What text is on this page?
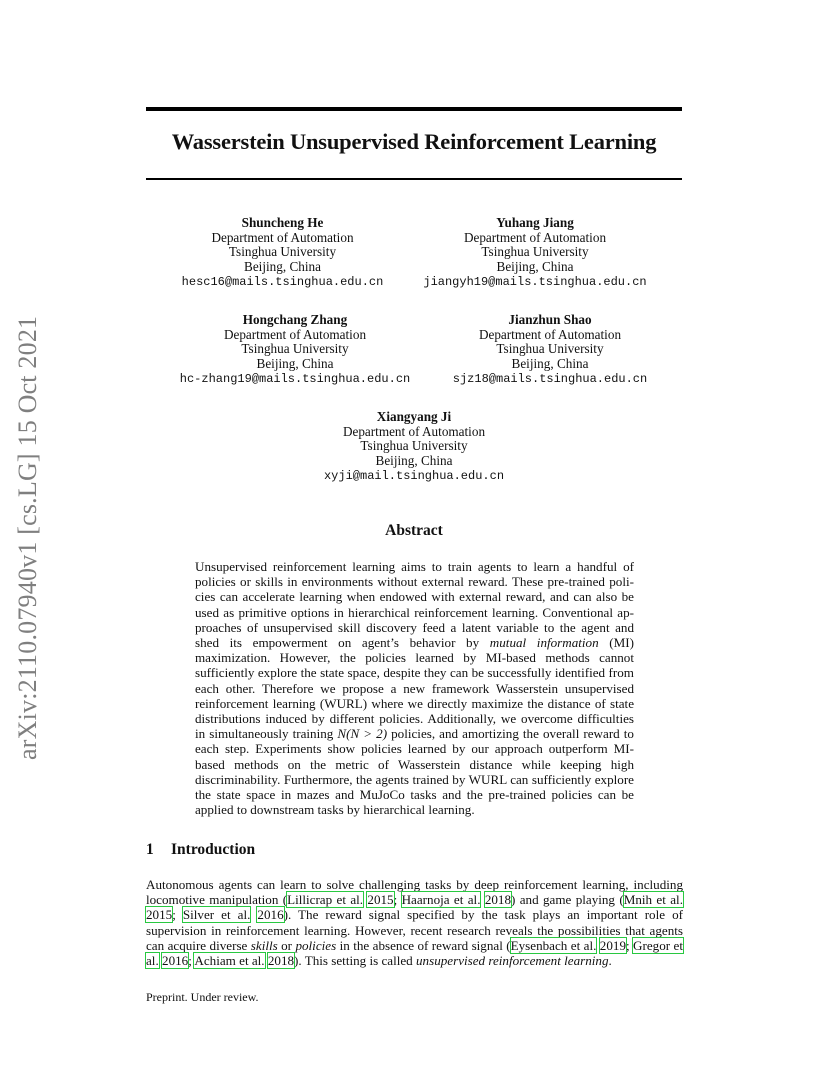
arXiv:2110.07940v1 [cs.LG] 15 Oct 2021
Wasserstein Unsupervised Reinforcement Learning
Shuncheng He
Department of Automation
Tsinghua University
Beijing, China
hesc16@mails.tsinghua.edu.cn
Yuhang Jiang
Department of Automation
Tsinghua University
Beijing, China
jiangyh19@mails.tsinghua.edu.cn
Hongchang Zhang
Department of Automation
Tsinghua University
Beijing, China
hc-zhang19@mails.tsinghua.edu.cn
Jianzhun Shao
Department of Automation
Tsinghua University
Beijing, China
sjz18@mails.tsinghua.edu.cn
Xiangyang Ji
Department of Automation
Tsinghua University
Beijing, China
xyji@mail.tsinghua.edu.cn
Abstract
Unsupervised reinforcement learning aims to train agents to learn a handful of policies or skills in environments without external reward. These pre-trained poli-cies can accelerate learning when endowed with external reward, and can also be used as primitive options in hierarchical reinforcement learning. Conventional ap-proaches of unsupervised skill discovery feed a latent variable to the agent and shed its empowerment on agent’s behavior by mutual information (MI) maximization. However, the policies learned by MI-based methods cannot sufficiently explore the state space, despite they can be successfully identified from each other. Therefore we propose a new framework Wasserstein unsupervised reinforcement learning (WURL) where we directly maximize the distance of state distributions induced by different policies. Additionally, we overcome difficulties in simultaneously training N(N > 2) policies, and amortizing the overall reward to each step. Experiments show policies learned by our approach outperform MI-based methods on the metric of Wasserstein distance while keeping high discriminability. Furthermore, the agents trained by WURL can sufficiently explore the state space in mazes and MuJoCo tasks and the pre-trained policies can be applied to downstream tasks by hierarchical learning.
1 Introduction
Autonomous agents can learn to solve challenging tasks by deep reinforcement learning, including locomotive manipulation (Lillicrap et al. 2015; Haarnoja et al. 2018) and game playing (Mnih et al. 2015; Silver et al. 2016). The reward signal specified by the task plays an important role of supervision in reinforcement learning. However, recent research reveals the possibilities that agents can acquire diverse skills or policies in the absence of reward signal (Eysenbach et al. 2019; Gregor et al. 2016; Achiam et al. 2018). This setting is called unsupervised reinforcement learning.
Preprint. Under review.
